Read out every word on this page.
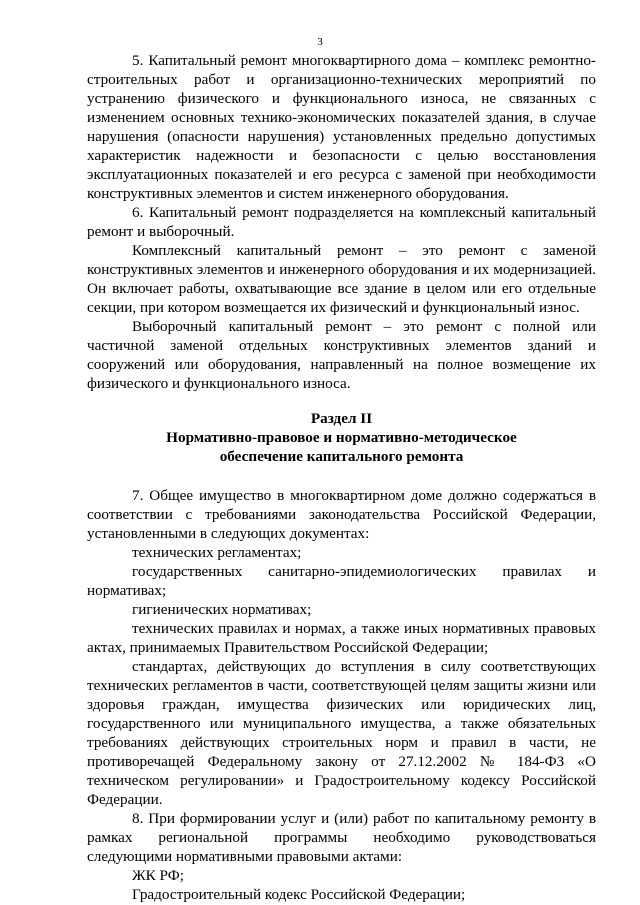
3

5. Капитальный ремонт многоквартирного дома – комплекс ремонтно-строительных работ и организационно-технических мероприятий по устранению физического и функционального износа, не связанных с изменением основных технико-экономических показателей здания, в случае нарушения (опасности нарушения) установленных предельно допустимых характеристик надежности и безопасности с целью восстановления эксплуатационных показателей и его ресурса с заменой при необходимости конструктивных элементов и систем инженерного оборудования.

6. Капитальный ремонт подразделяется на комплексный капитальный ремонт и выборочный.

Комплексный капитальный ремонт – это ремонт с заменой конструктивных элементов и инженерного оборудования и их модернизацией. Он включает работы, охватывающие все здание в целом или его отдельные секции, при котором возмещается их физический и функциональный износ.

Выборочный капитальный ремонт – это ремонт с полной или частичной заменой отдельных конструктивных элементов зданий и сооружений или оборудования, направленный на полное возмещение их физического и функционального износа.

Раздел II

Нормативно-правовое и нормативно-методическое

обеспечение капитального ремонта

7. Общее имущество в многоквартирном доме должно содержаться в соответствии с требованиями законодательства Российской Федерации, установленными в следующих документах:

технических регламентах;

государственных санитарно-эпидемиологических правилах и нормативах;

гигиенических нормативах;

технических правилах и нормах, а также иных нормативных правовых актах, принимаемых Правительством Российской Федерации;

стандартах, действующих до вступления в силу соответствующих технических регламентов в части, соответствующей целям защиты жизни или здоровья граждан, имущества физических или юридических лиц, государственного или муниципального имущества, а также обязательных требованиях действующих строительных норм и правил в части, не противоречащей Федеральному закону от 27.12.2002 № 184-ФЗ «О техническом регулировании» и Градостроительному кодексу Российской Федерации.

8. При формировании услуг и (или) работ по капитальному ремонту в рамках региональной программы необходимо руководствоваться следующими нормативными правовыми актами:

ЖК РФ;

Градостроительный кодекс Российской Федерации;
